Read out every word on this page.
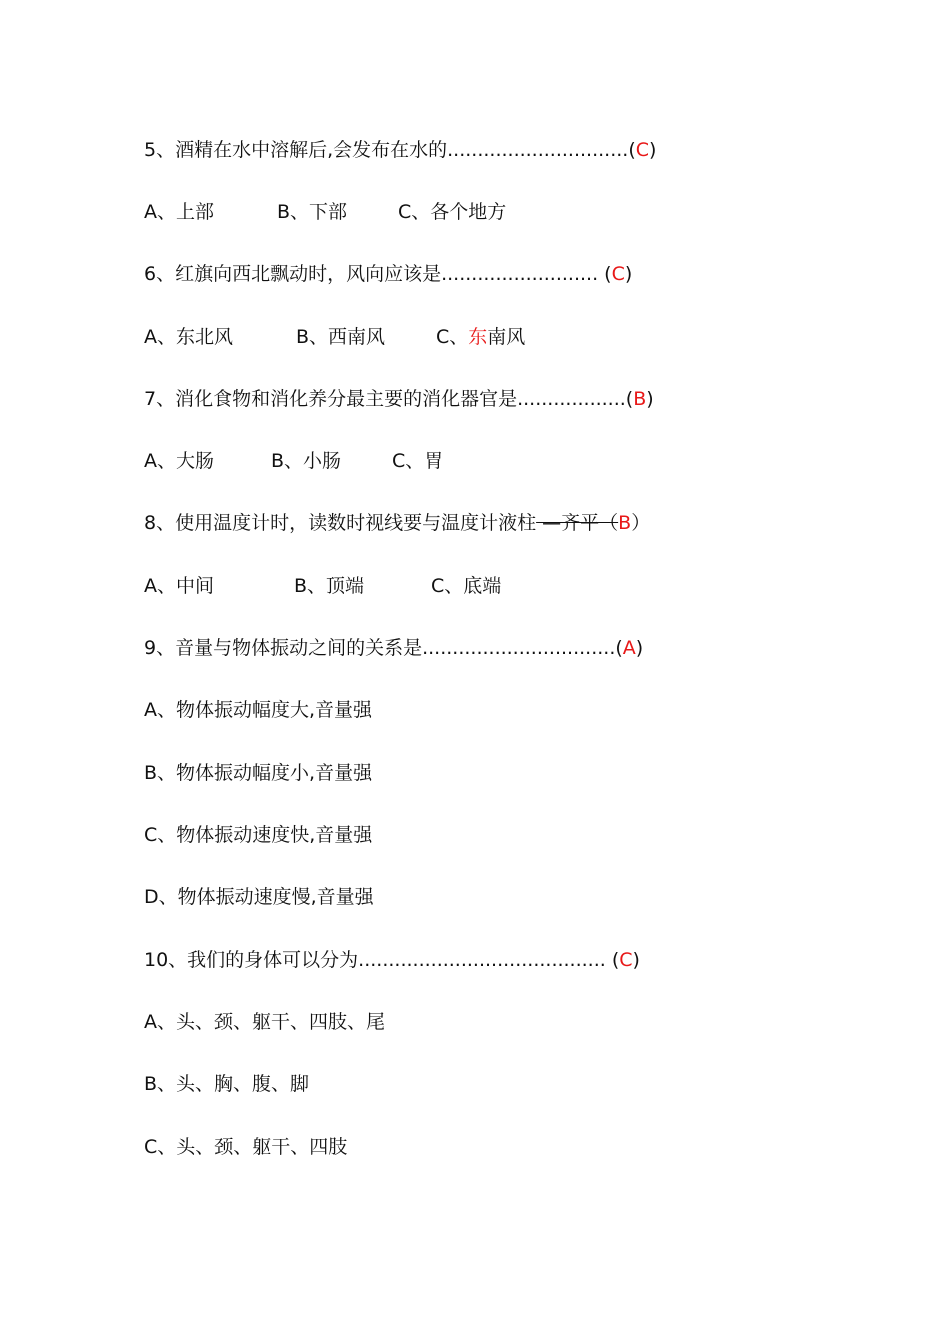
5、酒精在水中溶解后,会发布在水的..............................(C)
A、上部	B、下部	C、各个地方
6、红旗向西北飘动时，风向应该是.......................... (C)
A、东北风	B、西南风	C、东南风
7、消化食物和消化养分最主要的消化器官是..................(B)
A、大肠	B、小肠	C、胃
8、使用温度计时，读数时视线要与温度计液柱 —齐平（B）
A、中间	B、顶端	C、底端
9、音量与物体振动之间的关系是................................(A)
A、物体振动幅度大,音量强
B、物体振动幅度小,音量强
C、物体振动速度快,音量强
D、物体振动速度慢,音量强
10、我们的身体可以分为......................................... (C)
A、头、颈、躯干、四肢、尾
B、头、胸、腹、脚
C、头、颈、躯干、四肢
